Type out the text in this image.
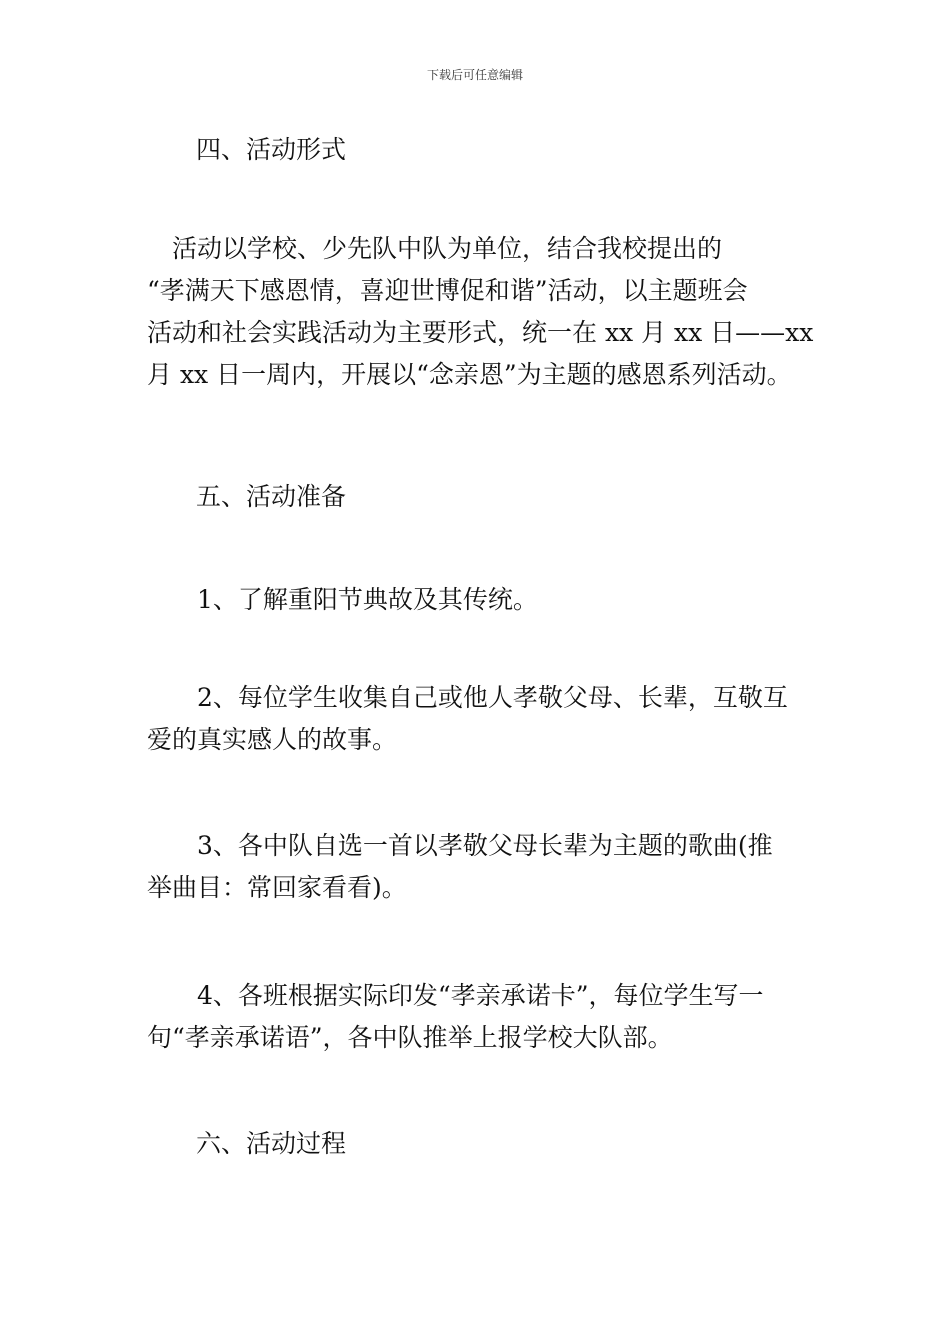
下载后可任意编辑
四、活动形式
　活动以学校、少先队中队为单位，结合我校提出的
“孝满天下感恩情，喜迎世博促和谐”活动，以主题班会
活动和社会实践活动为主要形式，统一在 xx 月 xx 日——xx
月 xx 日一周内，开展以“念亲恩”为主题的感恩系列活动。
五、活动准备
　　1、了解重阳节典故及其传统。
　　2、每位学生收集自己或他人孝敬父母、长辈，互敬互
爱的真实感人的故事。
　　3、各中队自选一首以孝敬父母长辈为主题的歌曲(推
举曲目：常回家看看)。
　　4、各班根据实际印发“孝亲承诺卡”，每位学生写一
句“孝亲承诺语”，各中队推举上报学校大队部。
六、活动过程
